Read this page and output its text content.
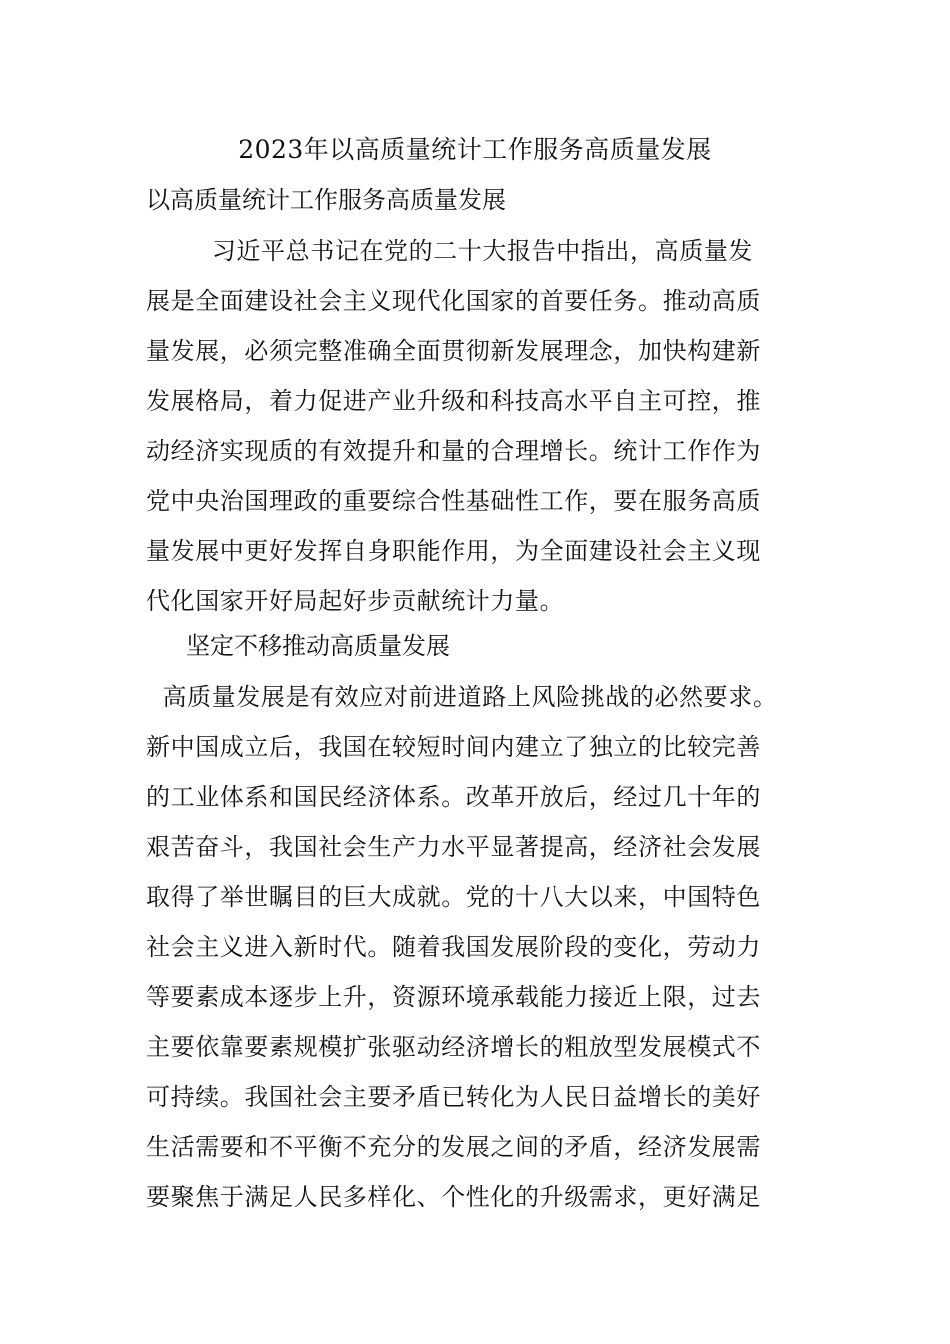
2023年以高质量统计工作服务高质量发展

以高质量统计工作服务高质量发展

习近平总书记在党的二十大报告中指出，高质量发
展是全面建设社会主义现代化国家的首要任务。推动高质
量发展，必须完整准确全面贯彻新发展理念，加快构建新
发展格局，着力促进产业升级和科技高水平自主可控，推
动经济实现质的有效提升和量的合理增长。统计工作作为
党中央治国理政的重要综合性基础性工作，要在服务高质
量发展中更好发挥自身职能作用，为全面建设社会主义现
代化国家开好局起好步贡献统计力量。

坚定不移推动高质量发展

高质量发展是有效应对前进道路上风险挑战的必然要求。
新中国成立后，我国在较短时间内建立了独立的比较完善
的工业体系和国民经济体系。改革开放后，经过几十年的
艰苦奋斗，我国社会生产力水平显著提高，经济社会发展
取得了举世瞩目的巨大成就。党的十八大以来，中国特色
社会主义进入新时代。随着我国发展阶段的变化，劳动力
等要素成本逐步上升，资源环境承载能力接近上限，过去
主要依靠要素规模扩张驱动经济增长的粗放型发展模式不
可持续。我国社会主要矛盾已转化为人民日益增长的美好
生活需要和不平衡不充分的发展之间的矛盾，经济发展需
要聚焦于满足人民多样化、个性化的升级需求，更好满足
